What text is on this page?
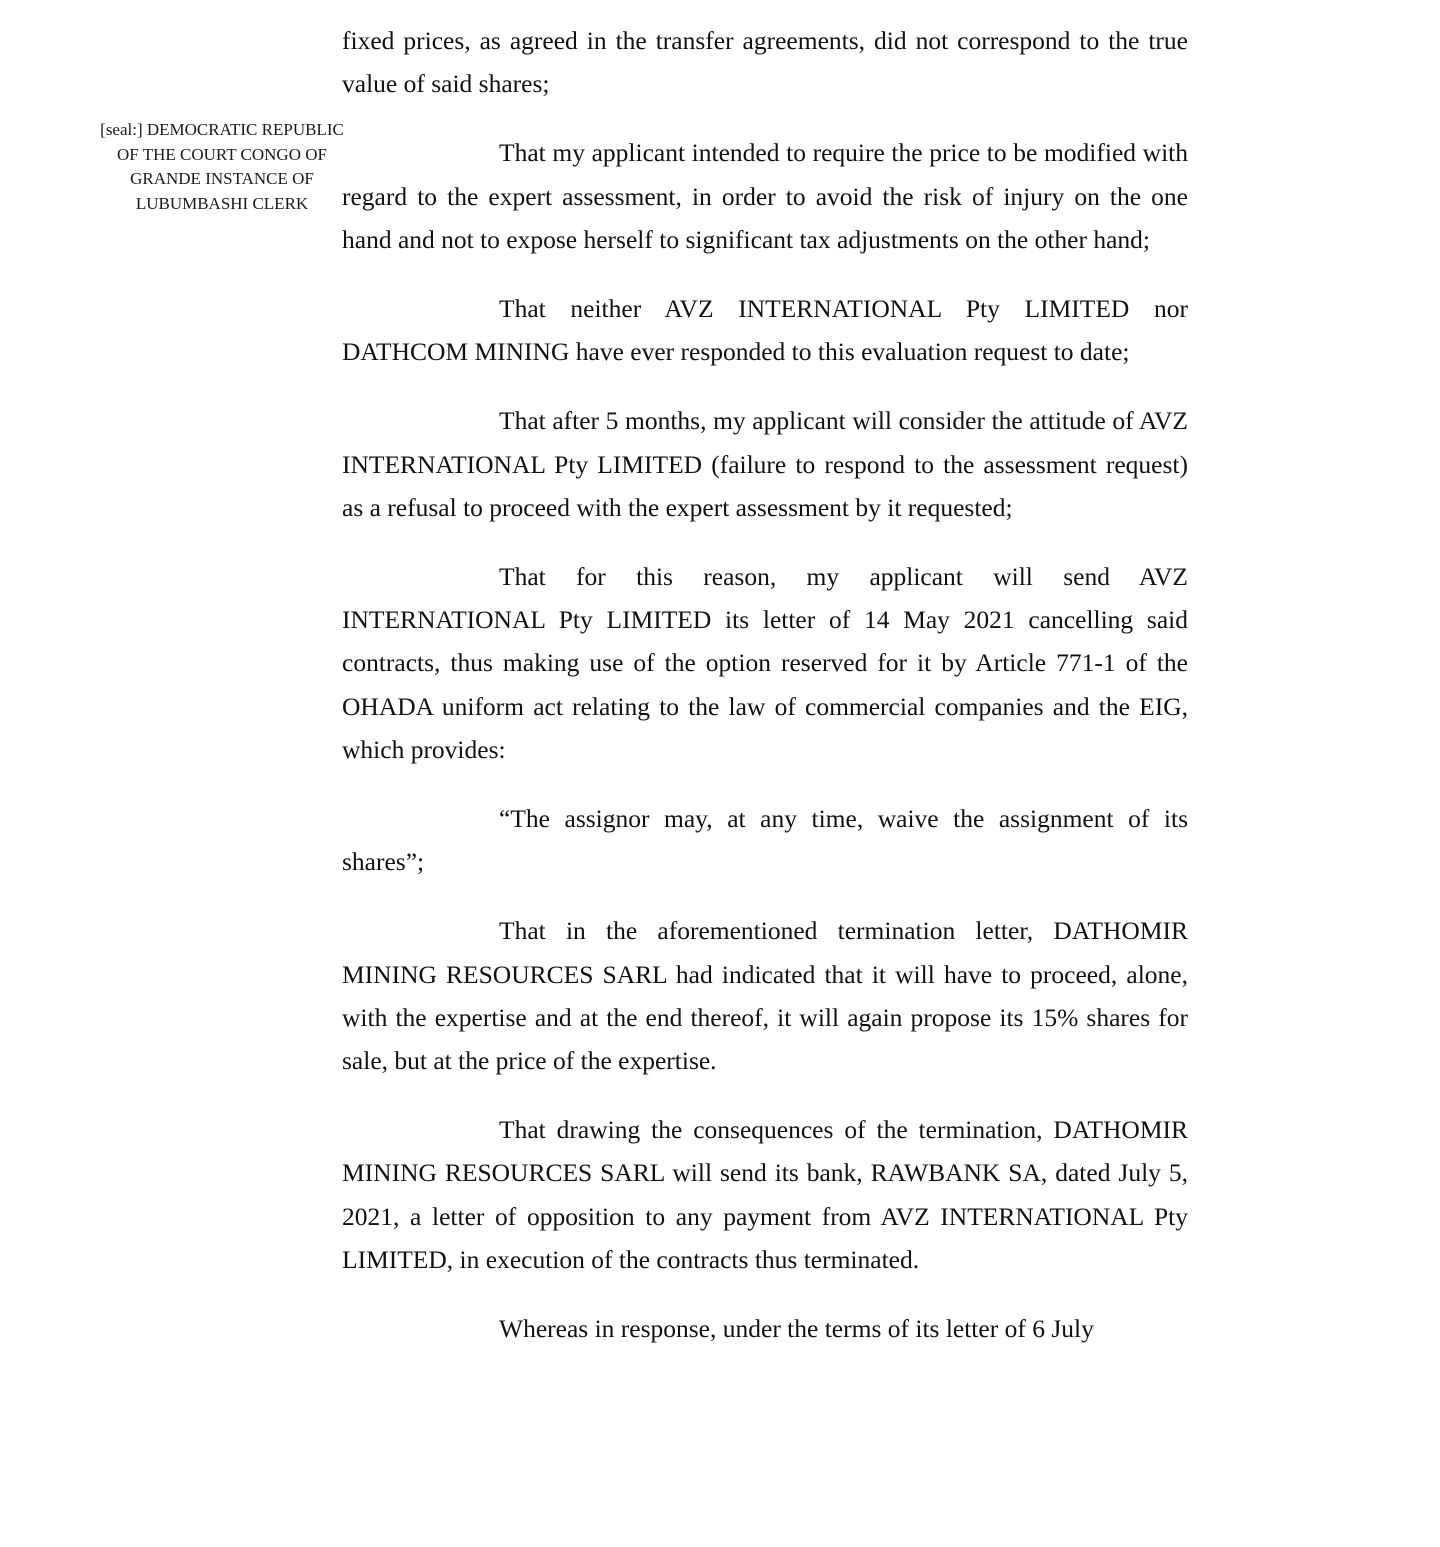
[seal:] DEMOCRATIC REPUBLIC
OF THE COURT CONGO OF
GRANDE INSTANCE OF
LUBUMBASHI CLERK

fixed prices, as agreed in the transfer agreements, did not correspond to the true value of said shares;

That my applicant intended to require the price to be modified with regard to the expert assessment, in order to avoid the risk of injury on the one hand and not to expose herself to significant tax adjustments on the other hand;

That neither AVZ INTERNATIONAL Pty LIMITED nor DATHCOM MINING have ever responded to this evaluation request to date;

That after 5 months, my applicant will consider the attitude of AVZ INTERNATIONAL Pty LIMITED (failure to respond to the assessment request) as a refusal to proceed with the expert assessment by it requested;

That for this reason, my applicant will send AVZ INTERNATIONAL Pty LIMITED its letter of 14 May 2021 cancelling said contracts, thus making use of the option reserved for it by Article 771-1 of the OHADA uniform act relating to the law of commercial companies and the EIG, which provides:

“The assignor may, at any time, waive the assignment of its shares”;

That in the aforementioned termination letter, DATHOMIR MINING RESOURCES SARL had indicated that it will have to proceed, alone, with the expertise and at the end thereof, it will again propose its 15% shares for sale, but at the price of the expertise.

That drawing the consequences of the termination, DATHOMIR MINING RESOURCES SARL will send its bank, RAWBANK SA, dated July 5, 2021, a letter of opposition to any payment from AVZ INTERNATIONAL Pty LIMITED, in execution of the contracts thus terminated.

Whereas in response, under the terms of its letter of 6 July
